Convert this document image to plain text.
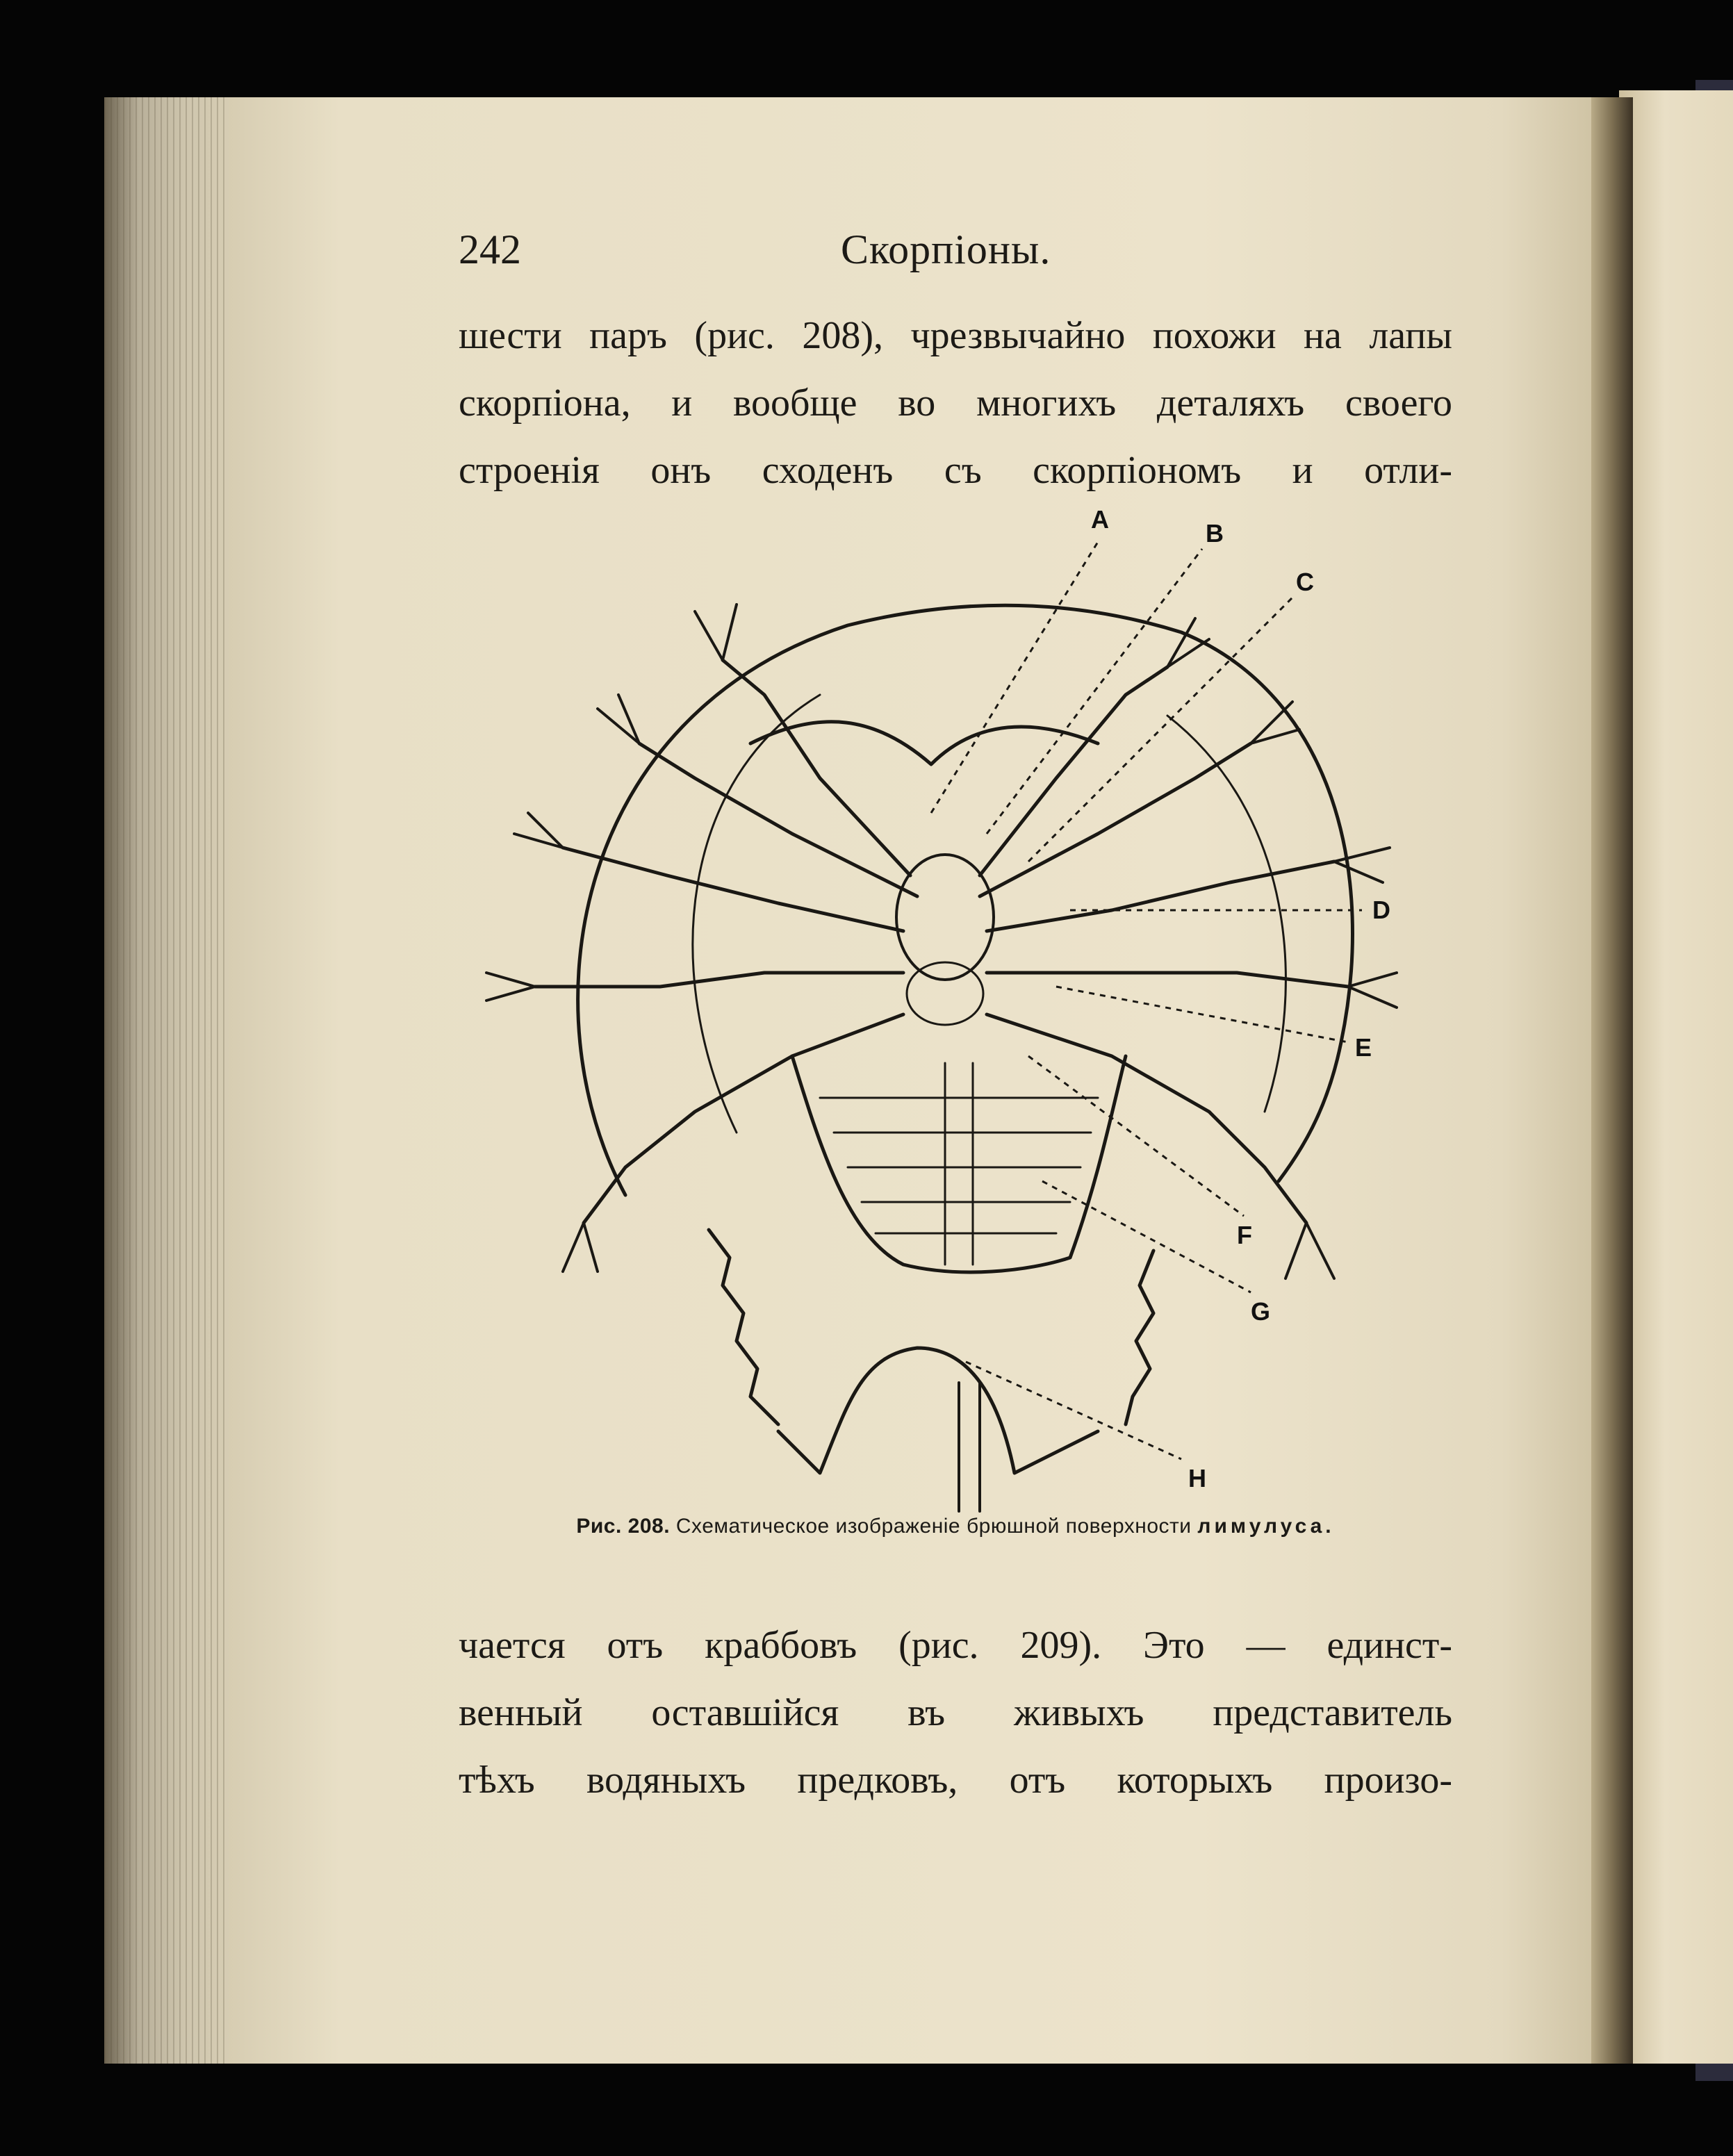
242	Скорпіоны.
шести паръ (рис. 208), чрезвычайно похожи на лапы
скорпіона, и вообще во многихъ деталяхъ своего
строенія онъ сходенъ съ скорпіономъ и отли-
A	B
C
D
E
F
G
H
Рис. 208. Схематическое изображеніе брюшной поверхности лимулуса.
чается отъ краббовъ (рис. 209). Это — единст-
венный оставшійся въ живыхъ представитель
тѣхъ водяныхъ предковъ, отъ которыхъ произо-
